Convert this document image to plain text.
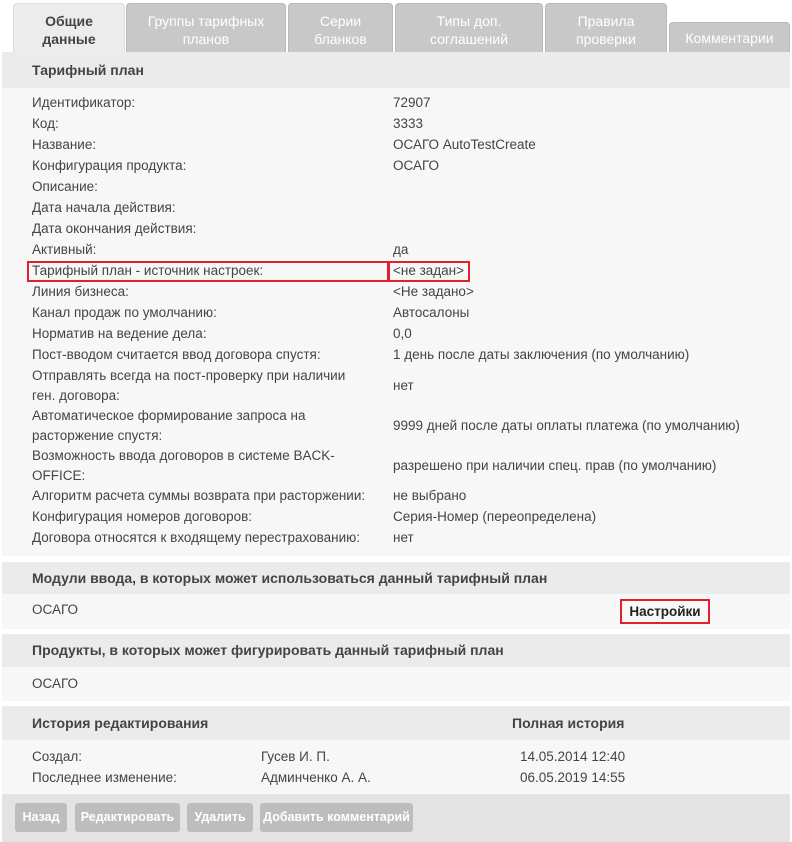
Общие
данные
Группы тарифных
планов
Серии
бланков
Типы доп.
соглашений
Правила
проверки	Комментарии
Тарифный план
Идентификатор:	72907
Код:	3333
Название:	ОСАГО AutoTestCreate
Конфигурация продукта:	ОСАГО
Описание:
Дата начала действия:
Дата окончания действия:
Активный:	да
Тарифный план - источник настроек:	<не задан>
Линия бизнеса:	<Не задано>
Канал продаж по умолчанию:	Автосалоны
Норматив на ведение дела:	0,0
Пост-вводом считается ввод договора спустя:	1 день после даты заключения (по умолчанию)
Отправлять всегда на пост-проверку при наличии
ген. договора:
нет
Автоматическое формирование запроса на
расторжение спустя:
9999 дней после даты оплаты платежа (по умолчанию)
Возможность ввода договоров в системе BACK-
OFFICE:
разрешено при наличии спец. прав (по умолчанию)
Алгоритм расчета суммы возврата при расторжении:	не выбрано
Конфигурация номеров договоров:	Серия-Номер (переопределена)
Договора относятся к входящему перестрахованию:	нет
Модули ввода, в которых может использоваться данный тарифный план
ОСАГО	Настройки
Продукты, в которых может фигурировать данный тарифный план
ОСАГО
История редактирования	Полная история
Создал:	Гусев И. П.	14.05.2014 12:40
Последнее изменение:	Админченко А. А.	06.05.2019 14:55
Назад	Редактировать	Удалить	Добавить комментарий
